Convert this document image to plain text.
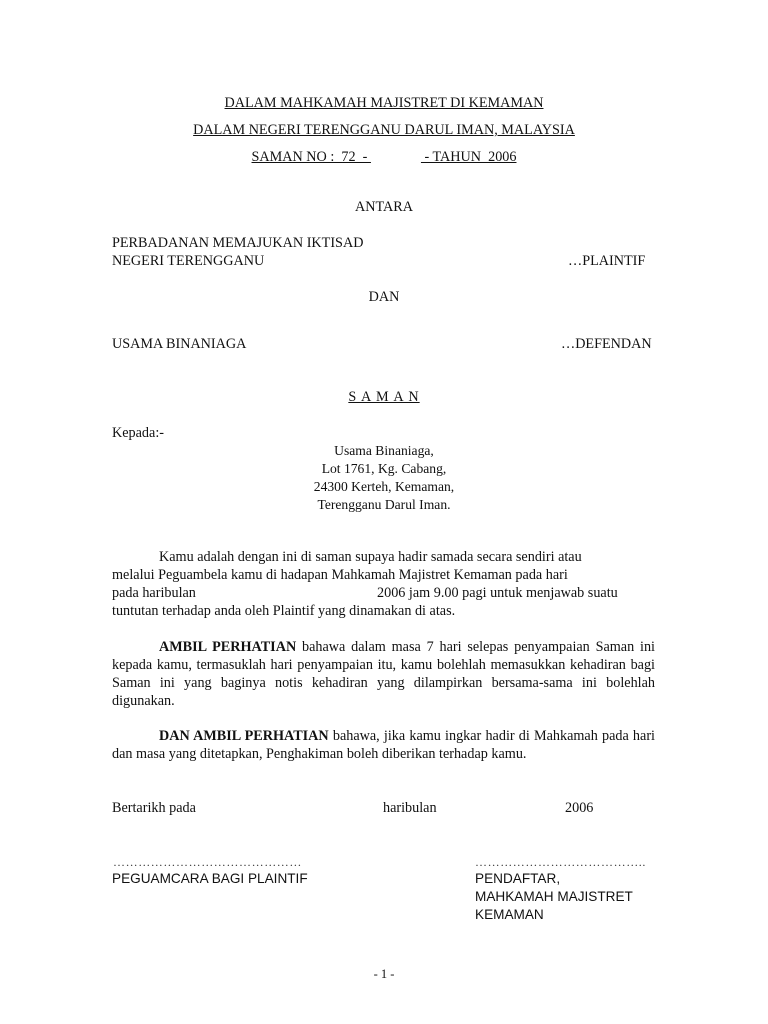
DALAM MAHKAMAH MAJISTRET DI KEMAMAN
DALAM NEGERI TERENGGANU DARUL IMAN, MALAYSIA
SAMAN NO :  72  -	- TAHUN  2006
ANTARA
PERBADANAN MEMAJUKAN IKTISAD
NEGERI TERENGGANU	…PLAINTIF
DAN
USAMA BINANIAGA	…DEFENDAN
S A M A N
Kepada:-
Usama Binaniaga,
Lot 1761, Kg. Cabang,
24300 Kerteh, Kemaman,
Terengganu Darul Iman.
Kamu adalah dengan ini di saman supaya hadir samada secara sendiri atau
melalui Peguambela kamu di hadapan Mahkamah Majistret Kemaman pada hari
pada haribulan	2006 jam 9.00 pagi untuk menjawab suatu
tuntutan terhadap anda oleh Plaintif yang dinamakan di atas.
AMBIL PERHATIAN bahawa dalam masa 7 hari selepas penyampaian Saman ini kepada kamu, termasuklah hari penyampaian itu, kamu bolehlah memasukkan kehadiran bagi Saman ini yang baginya notis kehadiran yang dilampirkan bersama-sama ini bolehlah digunakan.
DAN AMBIL PERHATIAN bahawa, jika kamu ingkar hadir di Mahkamah pada hari dan masa yang ditetapkan, Penghakiman boleh diberikan terhadap kamu.
Bertarikh pada	haribulan	2006
………………………………………
PEGUAMCARA BAGI PLAINTIF
…………………………………..
PENDAFTAR,
MAHKAMAH MAJISTRET
KEMAMAN
- 1 -
